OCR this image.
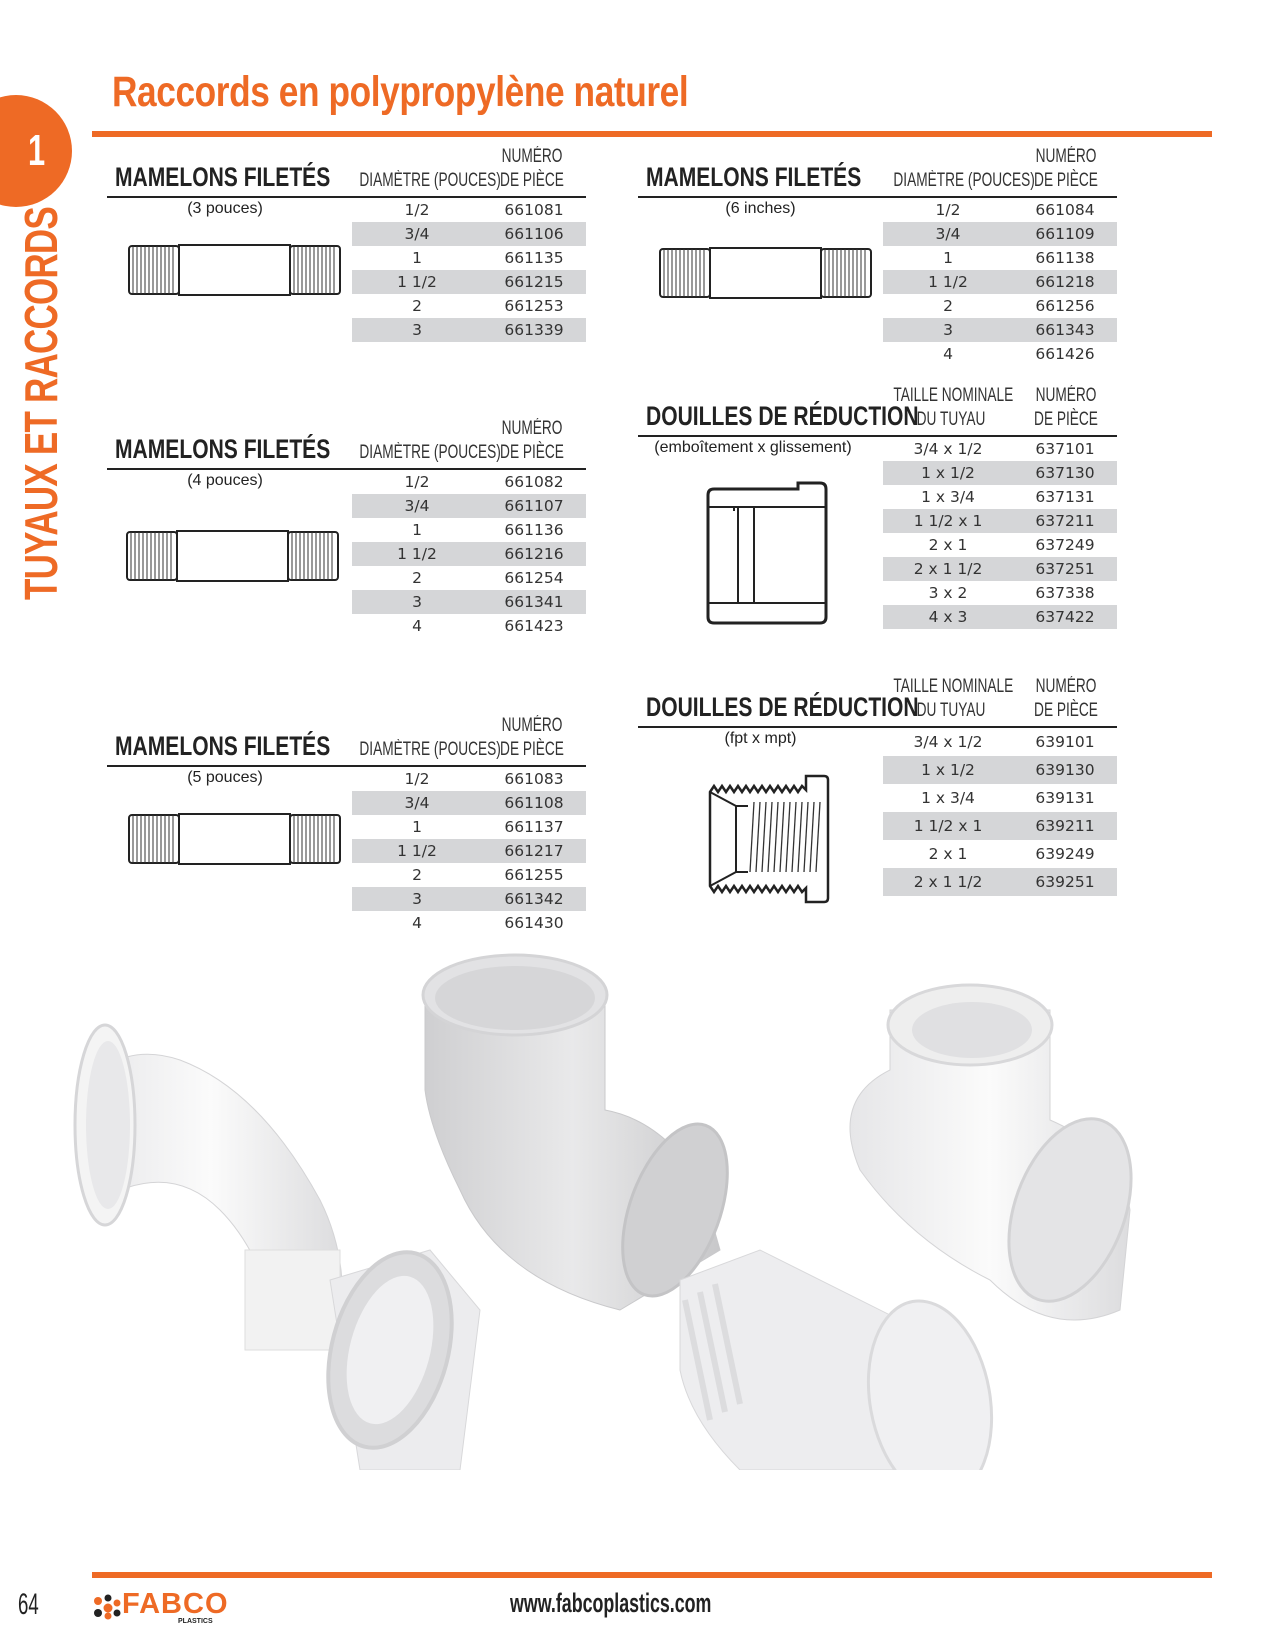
1
TUYAUX ET RACCORDS
Raccords en polypropylène naturel
MAMELONS FILETÉS DIAMÈTRE (POUCES)
NUMÉRO
DE PIÈCE
(3 pouces)	1/2	661081
3/4	661106
1	661135
1 1/2	661215
2	661253
3	661339
MAMELONS FILETÉS DIAMÈTRE (POUCES)
NUMÉRO
DE PIÈCE
(4 pouces)	1/2	661082
3/4	661107
1	661136
1 1/2	661216
2	661254
3	661341
4	661423
MAMELONS FILETÉS DIAMÈTRE (POUCES)
NUMÉRO
DE PIÈCE
(5 pouces)	1/2	661083
3/4	661108
1	661137
1 1/2	661217
2	661255
3	661342
4	661430
MAMELONS FILETÉS DIAMÈTRE (POUCES)
NUMÉRO
DE PIÈCE
(6 inches)	1/2	661084
3/4	661109
1	661138
1 1/2	661218
2	661256
3	661343
4	661426
DOUILLES DE RÉDUCTION
TAILLE NOMINALE
DU TUYAU
NUMÉRO
DE PIÈCE
(emboîtement x glissement)	3/4 x 1/2	637101
1 x 1/2	637130
1 x 3/4	637131
1 1/2 x 1	637211
2 x 1	637249
2 x 1 1/2	637251
3 x 2	637338
4 x 3	637422
DOUILLES DE RÉDUCTION
TAILLE NOMINALE
DU TUYAU
NUMÉRO
DE PIÈCE
(fpt x mpt)	3/4 x 1/2	639101
1 x 1/2	639130
1 x 3/4	639131
1 1/2 x 1	639211
2 x 1	639249
2 x 1 1/2	639251
64	FABCO
PLASTICS
www.fabcoplastics.com
